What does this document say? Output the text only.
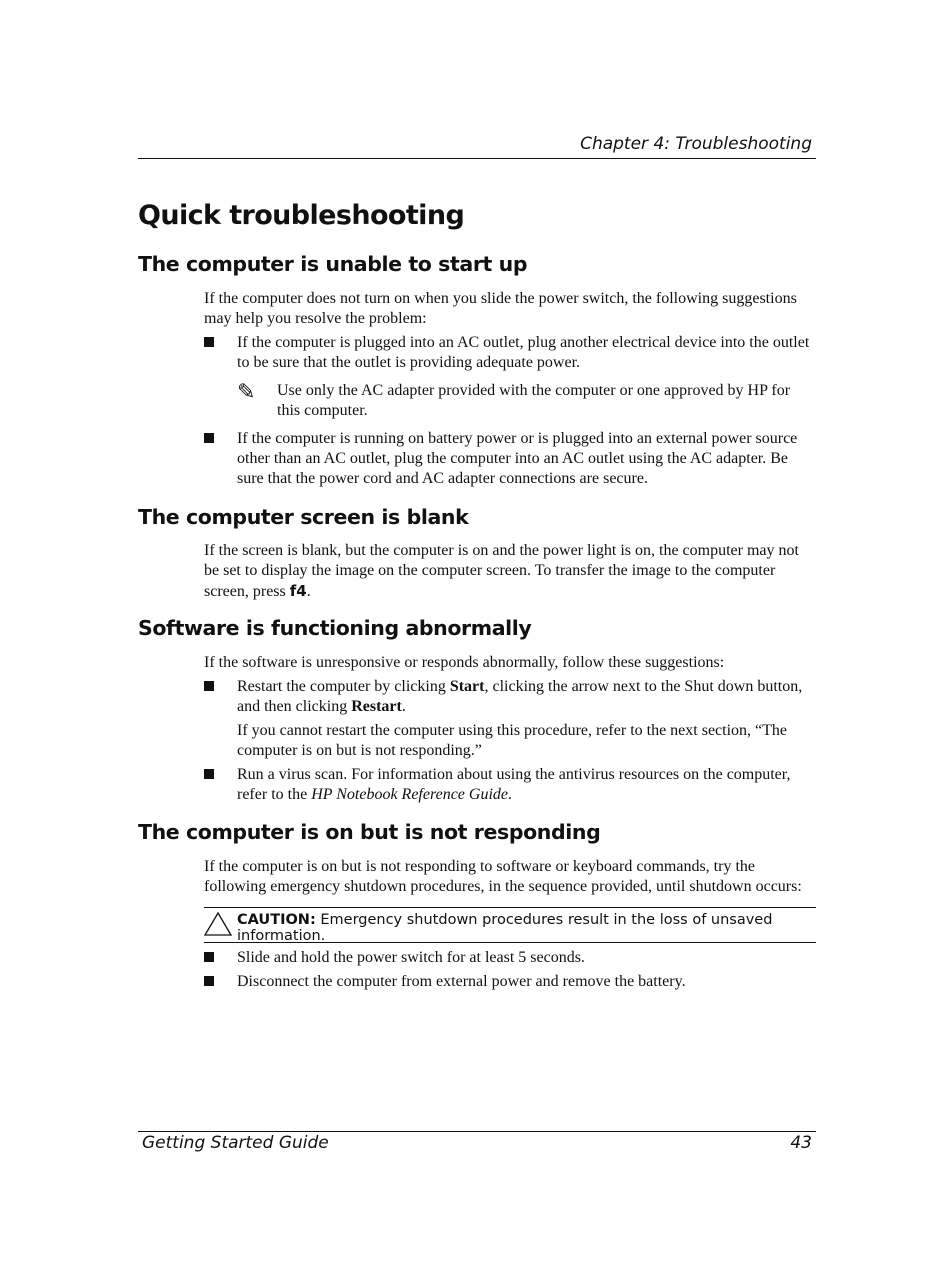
Chapter 4: Troubleshooting
Quick troubleshooting
The computer is unable to start up

If the computer does not turn on when you slide the power switch, the following suggestions may help you resolve the problem:

If the computer is plugged into an AC outlet, plug another electrical device into the outlet to be sure that the outlet is providing adequate power.
✎ Use only the AC adapter provided with the computer or one approved by HP for this computer.
If the computer is running on battery power or is plugged into an external power source other than an AC outlet, plug the computer into an AC outlet using the AC adapter. Be sure that the power cord and AC adapter connections are secure.
The computer screen is blank

If the screen is blank, but the computer is on and the power light is on, the computer may not be set to display the image on the computer screen. To transfer the image to the computer screen, press f4.

Software is functioning abnormally

If the software is unresponsive or responds abnormally, follow these suggestions:

Restart the computer by clicking Start, clicking the arrow next to the Shut down button, and then clicking Restart.

If you cannot restart the computer using this procedure, refer to the next section, “The computer is on but is not responding.”

Run a virus scan. For information about using the antivirus resources on the computer, refer to the HP Notebook Reference Guide.
The computer is on but is not responding

If the computer is on but is not responding to software or keyboard commands, try the following emergency shutdown procedures, in the sequence provided, until shutdown occurs:

CAUTION: Emergency shutdown procedures result in the loss of unsaved information.
Slide and hold the power switch for at least 5 seconds.
Disconnect the computer from external power and remove the battery.
Getting Started Guide	43
